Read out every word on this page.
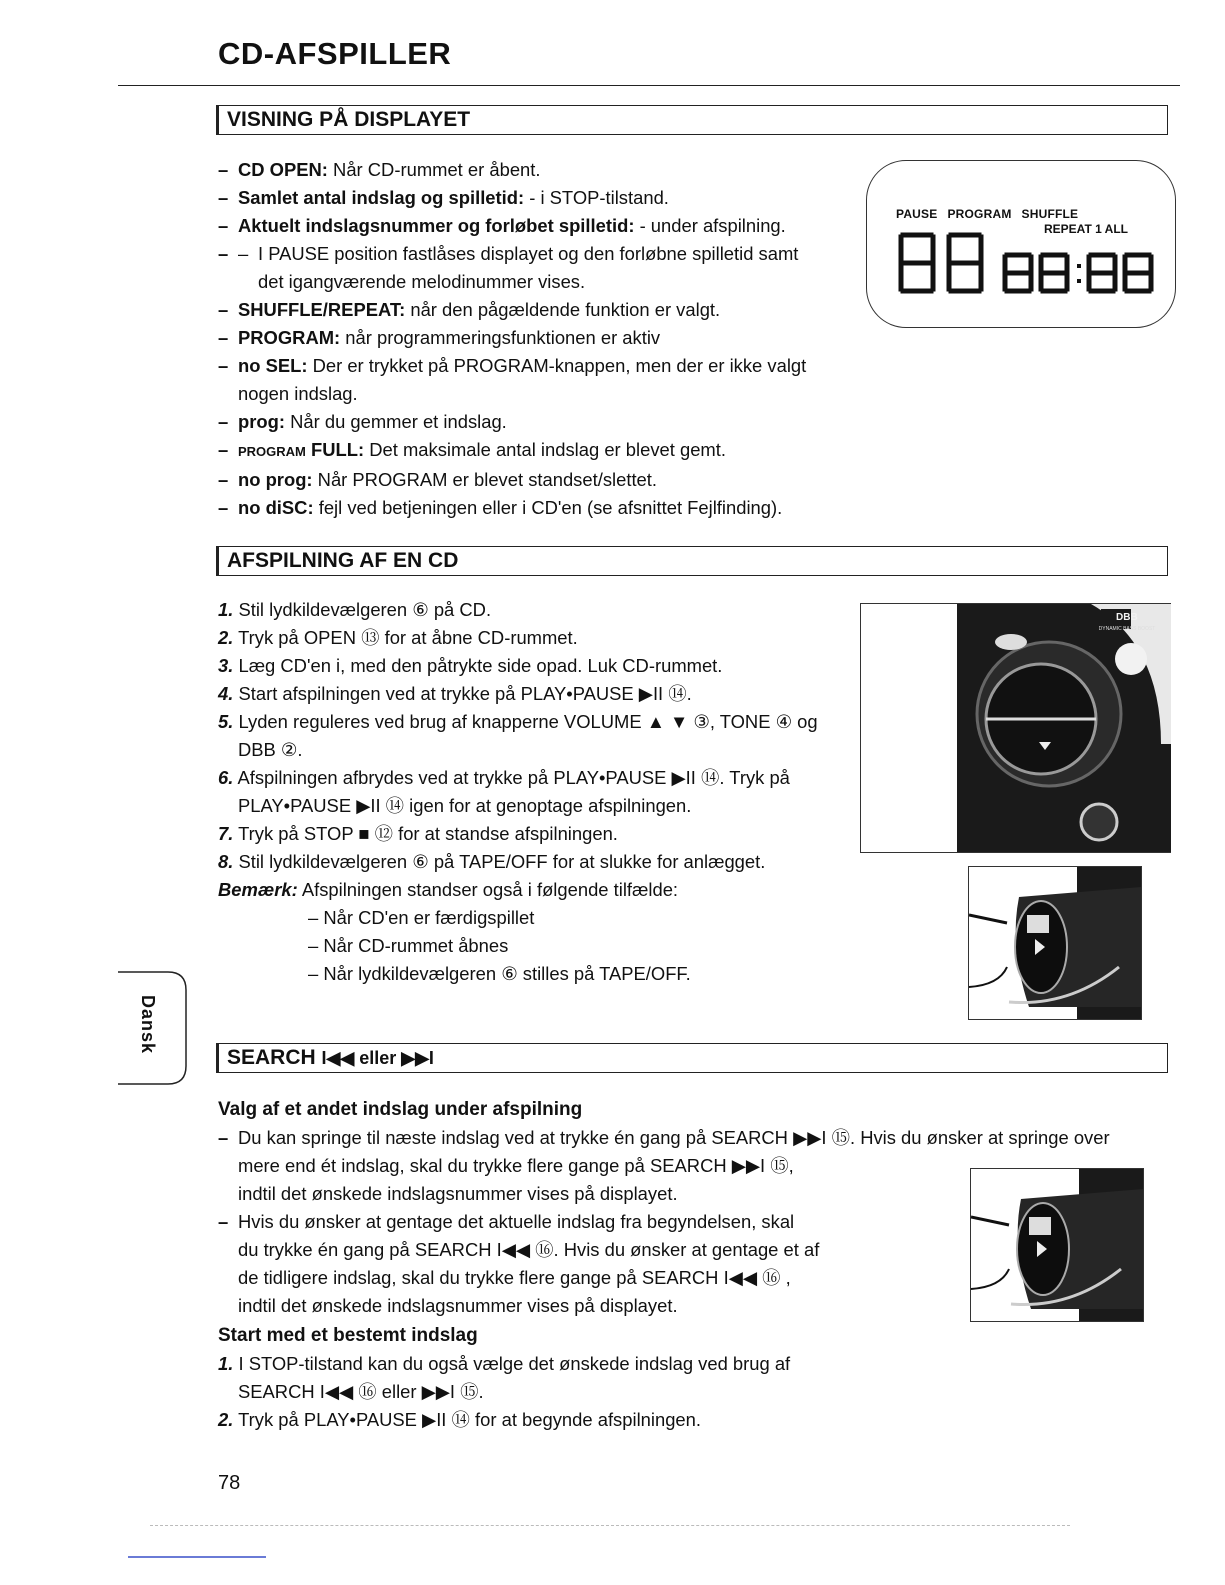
CD-AFSPILLER
VISNING PÅ DISPLAYET
– CD OPEN: Når CD-rummet er åbent.
– Samlet antal indslag og spilletid: - i STOP-tilstand.
– Aktuelt indslagsnummer og forløbet spilletid: - under afspilning.
– – I PAUSE position fastlåses displayet og den forløbne spilletid samt
det igangværende melodinummer vises.
– SHUFFLE/REPEAT: når den pågældende funktion er valgt.
– PROGRAM: når programmeringsfunktionen er aktiv
– no SEL: Der er trykket på PROGRAM-knappen, men der er ikke valgt
nogen indslag.
– prog: Når du gemmer et indslag.
– PROGRAM FULL: Det maksimale antal indslag er blevet gemt.
– no prog: Når PROGRAM er blevet standset/slettet.
– no diSC: fejl ved betjeningen eller i CD'en (se afsnittet Fejlfinding).
PAUSE PROGRAM SHUFFLE
REPEAT 1 ALL
AFSPILNING AF EN CD
1. Stil lydkildevælgeren ⑥ på CD.
2. Tryk på OPEN ⑬ for at åbne CD-rummet.
3. Læg CD'en i, med den påtrykte side opad. Luk CD-rummet.
4. Start afspilningen ved at trykke på PLAY•PAUSE ▶II ⑭.
5. Lyden reguleres ved brug af knapperne VOLUME ▲ ▼ ③, TONE ④ og
DBB ②.
6. Afspilningen afbrydes ved at trykke på PLAY•PAUSE ▶II ⑭. Tryk på
PLAY•PAUSE ▶II ⑭ igen for at genoptage afspilningen.
7. Tryk på STOP ■ ⑫ for at standse afspilningen.
8. Stil lydkildevælgeren ⑥ på TAPE/OFF for at slukke for anlægget.
Bemærk: Afspilningen standser også i følgende tilfælde:
– Når CD'en er færdigspillet
– Når CD-rummet åbnes
– Når lydkildevælgeren ⑥ stilles på TAPE/OFF.
DBB
DYNAMIC BASS BOOST
SEARCH I◀◀ eller ▶▶I
Valg af et andet indslag under afspilning
– Du kan springe til næste indslag ved at trykke én gang på SEARCH ▶▶I ⑮. Hvis du ønsker at springe over
mere end ét indslag, skal du trykke flere gange på SEARCH ▶▶I ⑮,
indtil det ønskede indslagsnummer vises på displayet.
– Hvis du ønsker at gentage det aktuelle indslag fra begyndelsen, skal
du trykke én gang på SEARCH I◀◀ ⑯. Hvis du ønsker at gentage et af
de tidligere indslag, skal du trykke flere gange på SEARCH I◀◀ ⑯ ,
indtil det ønskede indslagsnummer vises på displayet.
Start med et bestemt indslag
1. I STOP-tilstand kan du også vælge det ønskede indslag ved brug af
SEARCH I◀◀ ⑯ eller ▶▶I ⑮.
2. Tryk på PLAY•PAUSE ▶II ⑭ for at begynde afspilningen.
Dansk
78
